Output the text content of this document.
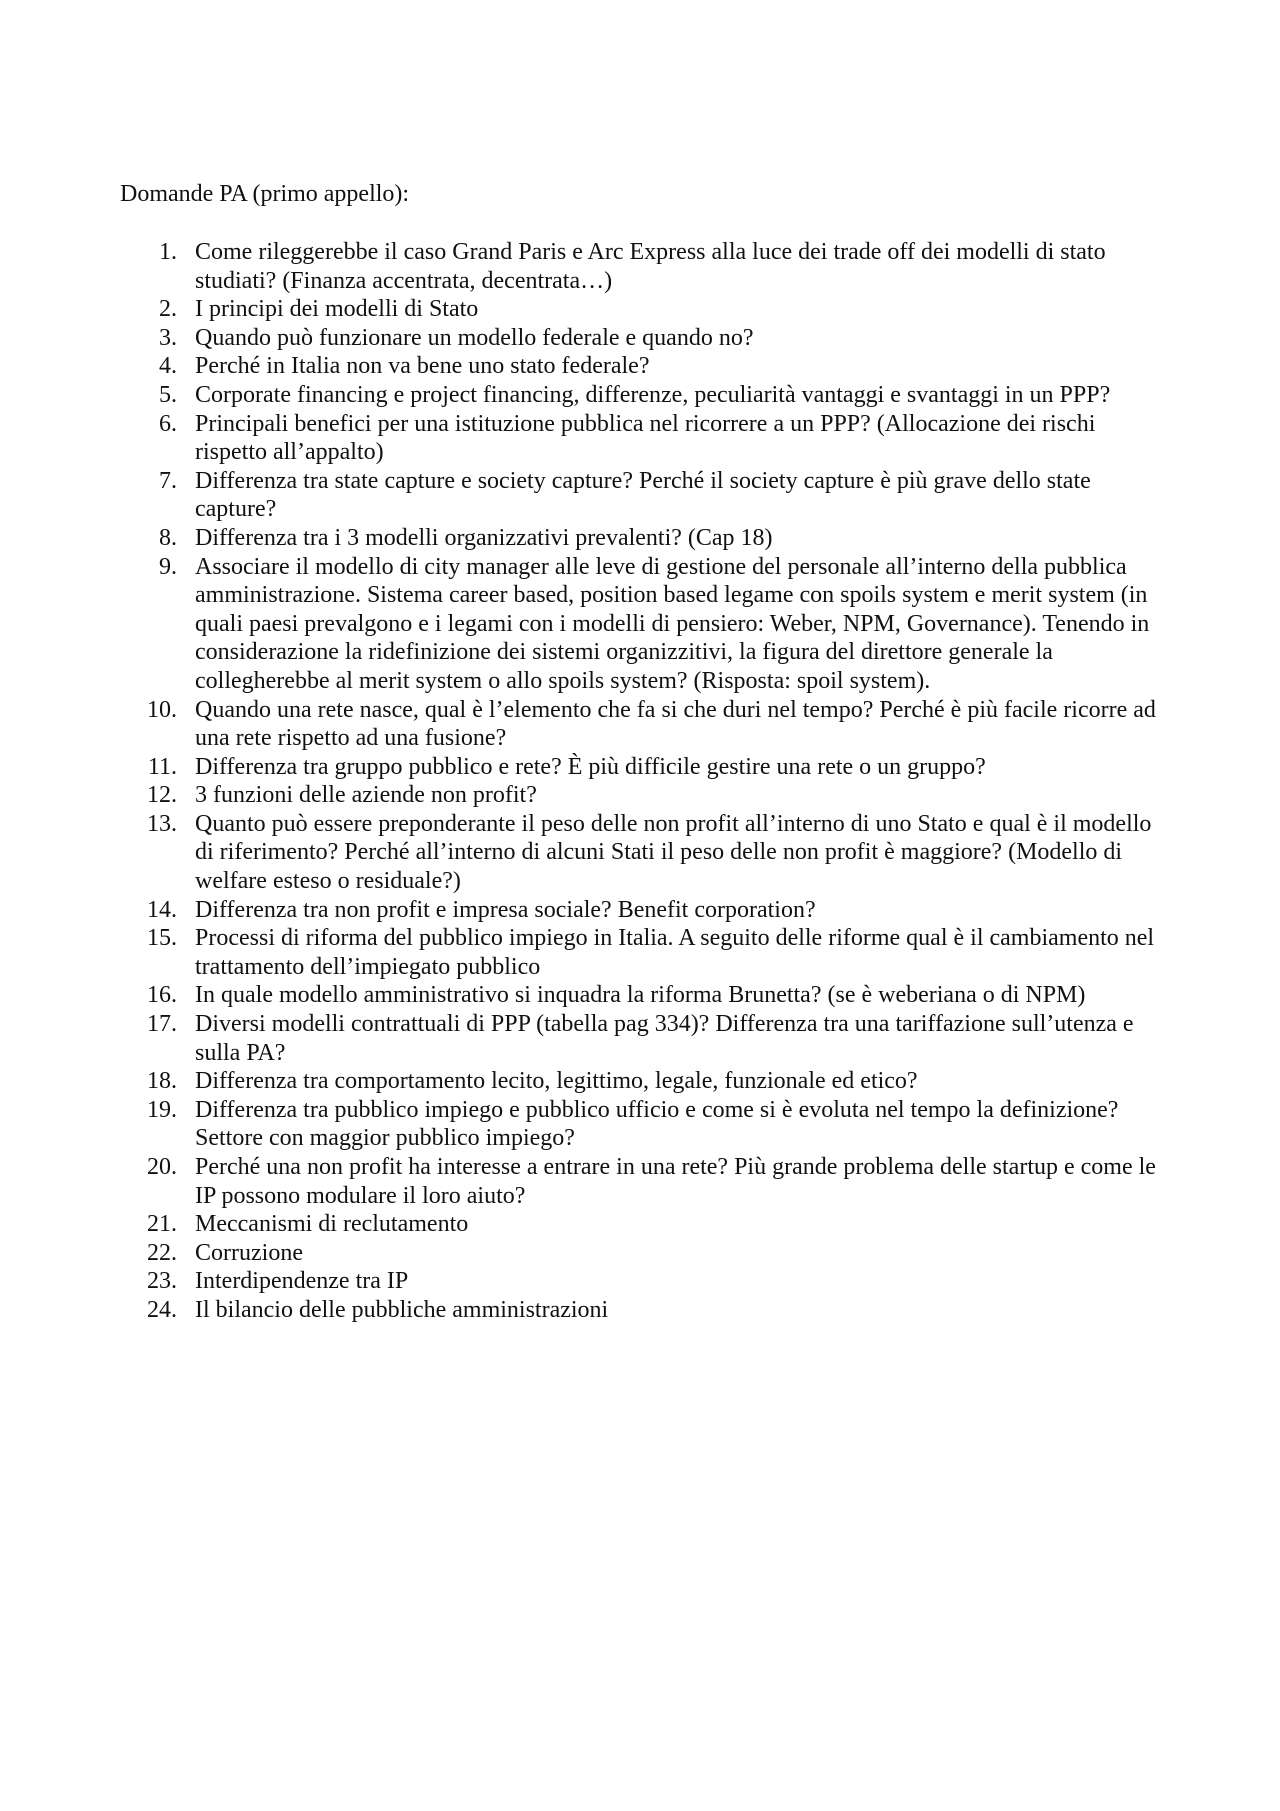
Domande PA (primo appello):
1. Come rileggerebbe il caso Grand Paris e Arc Express alla luce dei trade off dei modelli di stato studiati? (Finanza accentrata, decentrata…)
2. I principi dei modelli di Stato
3. Quando può funzionare un modello federale e quando no?
4. Perché in Italia non va bene uno stato federale?
5. Corporate financing e project financing, differenze, peculiarità vantaggi e svantaggi in un PPP?
6. Principali benefici per una istituzione pubblica nel ricorrere a un PPP? (Allocazione dei rischi rispetto all’appalto)
7. Differenza tra state capture e society capture? Perché il society capture è più grave dello state capture?
8. Differenza tra i 3 modelli organizzativi prevalenti? (Cap 18)
9. Associare il modello di city manager alle leve di gestione del personale all’interno della pubblica amministrazione. Sistema career based, position based legame con spoils system e merit system (in quali paesi prevalgono e i legami con i modelli di pensiero: Weber, NPM, Governance). Tenendo in considerazione la ridefinizione dei sistemi organizzitivi, la figura del direttore generale la collegherebbe al merit system o allo spoils system? (Risposta: spoil system).
10. Quando una rete nasce, qual è l’elemento che fa si che duri nel tempo? Perché è più facile ricorre ad una rete rispetto ad una fusione?
11. Differenza tra gruppo pubblico e rete? È più difficile gestire una rete o un gruppo?
12. 3 funzioni delle aziende non profit?
13. Quanto può essere preponderante il peso delle non profit all’interno di uno Stato e qual è il modello di riferimento? Perché all’interno di alcuni Stati il peso delle non profit è maggiore? (Modello di welfare esteso o residuale?)
14. Differenza tra non profit e impresa sociale? Benefit corporation?
15. Processi di riforma del pubblico impiego in Italia. A seguito delle riforme qual è il cambiamento nel trattamento dell’impiegato pubblico
16. In quale modello amministrativo si inquadra la riforma Brunetta? (se è weberiana o di NPM)
17. Diversi modelli contrattuali di PPP (tabella pag 334)? Differenza tra una tariffazione sull’utenza e sulla PA?
18. Differenza tra comportamento lecito, legittimo, legale, funzionale ed etico?
19. Differenza tra pubblico impiego e pubblico ufficio e come si è evoluta nel tempo la definizione? Settore con maggior pubblico impiego?
20. Perché una non profit ha interesse a entrare in una rete? Più grande problema delle startup e come le IP possono modulare il loro aiuto?
21. Meccanismi di reclutamento
22. Corruzione
23. Interdipendenze tra IP
24. Il bilancio delle pubbliche amministrazioni
